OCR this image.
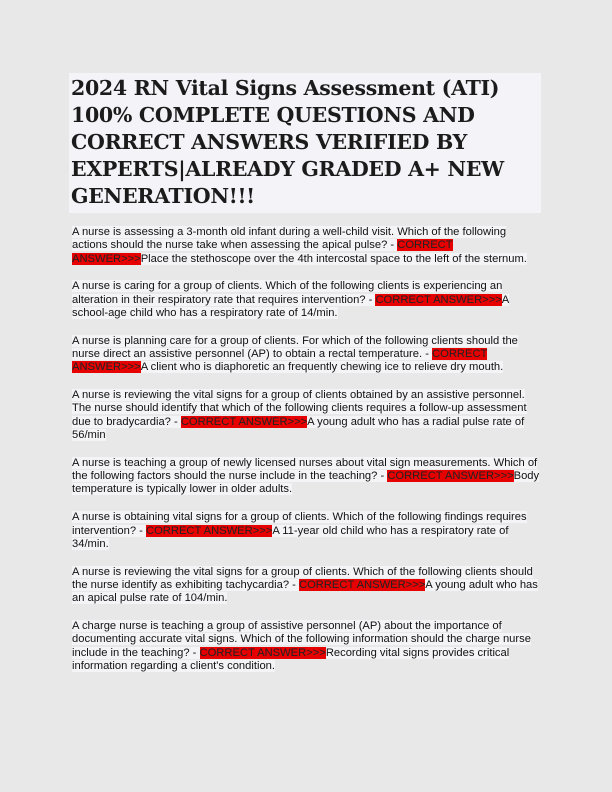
2024 RN Vital Signs Assessment (ATI) 100% COMPLETE QUESTIONS AND CORRECT ANSWERS VERIFIED BY EXPERTS|ALREADY GRADED A+ NEW GENERATION!!!

A nurse is assessing a 3-month old infant during a well-child visit. Which of the following actions should the nurse take when assessing the apical pulse? - CORRECT ANSWER>>>Place the stethoscope over the 4th intercostal space to the left of the sternum.

A nurse is caring for a group of clients. Which of the following clients is experiencing an alteration in their respiratory rate that requires intervention? - CORRECT ANSWER>>>A school-age child who has a respiratory rate of 14/min.

A nurse is planning care for a group of clients. For which of the following clients should the nurse direct an assistive personnel (AP) to obtain a rectal temperature. - CORRECT ANSWER>>>A client who is diaphoretic an frequently chewing ice to relieve dry mouth.

A nurse is reviewing the vital signs for a group of clients obtained by an assistive personnel. The nurse should identify that which of the following clients requires a follow-up assessment due to bradycardia? - CORRECT ANSWER>>>A young adult who has a radial pulse rate of 56/min

A nurse is teaching a group of newly licensed nurses about vital sign measurements. Which of the following factors should the nurse include in the teaching? - CORRECT ANSWER>>>Body temperature is typically lower in older adults.

A nurse is obtaining vital signs for a group of clients. Which of the following findings requires intervention? - CORRECT ANSWER>>>A 11-year old child who has a respiratory rate of 34/min.

A nurse is reviewing the vital signs for a group of clients. Which of the following clients should the nurse identify as exhibiting tachycardia? - CORRECT ANSWER>>>A young adult who has an apical pulse rate of 104/min.

A charge nurse is teaching a group of assistive personnel (AP) about the importance of documenting accurate vital signs. Which of the following information should the charge nurse include in the teaching? - CORRECT ANSWER>>>Recording vital signs provides critical information regarding a client's condition.
